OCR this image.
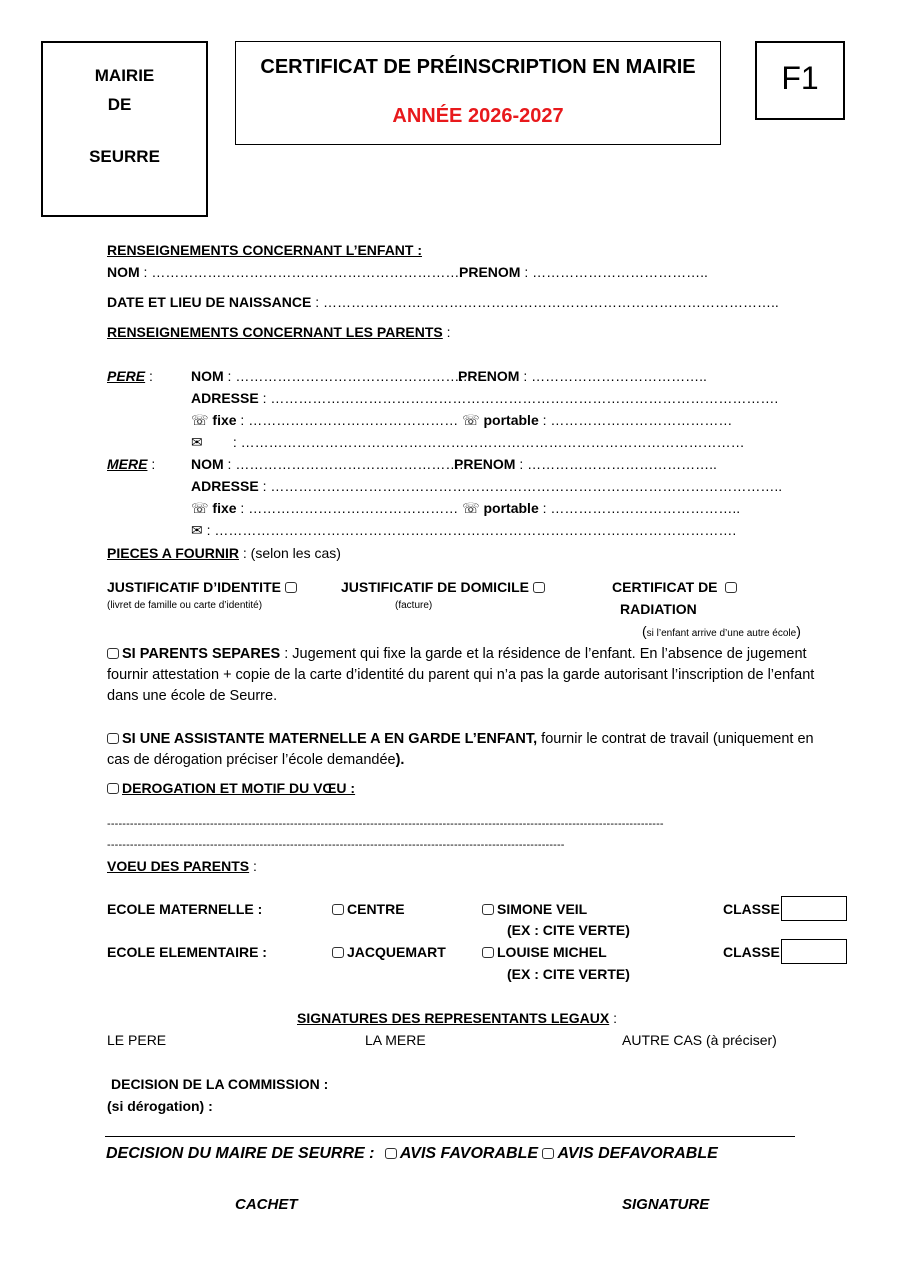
MAIRIE
DE
SEURRE
CERTIFICAT DE PRÉINSCRIPTION EN MAIRIE
ANNÉE 2026-2027
F1
RENSEIGNEMENTS CONCERNANT L’ENFANT :
NOM : ………………………………………………………….
PRENOM : ………………………………..
DATE ET LIEU DE NAISSANCE : ……………………………………………………………………………………..
RENSEIGNEMENTS CONCERNANT LES PARENTS :
PERE :	NOM : …………………………………………..
PRENOM : ………………………………..
ADRESSE : ……………………………………………………………………………………………….
☏ fixe : ……………………………………… ☏ portable : …………………………………
✉ : ………………………………………………………………………………………………
MERE :	NOM : …………………………………………..
PRENOM : …………………………………..
ADRESSE : ………………………………………………………………………………………………..
☏ fixe : ……………………………………… ☏ portable : …………………………………..
✉ : ………………………………………………………………………………………………….
PIECES A FOURNIR : (selon les cas)
JUSTIFICATIF D’IDENTITE
(livret de famille ou carte d’identité)
JUSTIFICATIF DE DOMICILE
(facture)
CERTIFICAT DE
RADIATION
(si l’enfant arrive d’une autre école)
SI PARENTS SEPARES : Jugement qui fixe la garde et la résidence de l’enfant. En l’absence de jugement fournir attestation + copie de la carte d’identité du parent qui n’a pas la garde autorisant l’inscription de l’enfant dans une école de Seurre.
SI UNE ASSISTANTE MATERNELLE A EN GARDE L’ENFANT, fournir le contrat de travail (uniquement en cas de dérogation préciser l’école demandée).
DEROGATION ET MOTIF DU VŒU :
--------------------------------------------------------------------------------------------------------------------------------------------------
------------------------------------------------------------------------------------------------------------------------
VOEU DES PARENTS :
ECOLE MATERNELLE :	CENTRE	SIMONE VEIL
(EX : CITE VERTE)
CLASSE
ECOLE ELEMENTAIRE :	JACQUEMART	LOUISE MICHEL
(EX : CITE VERTE)
CLASSE
SIGNATURES DES REPRESENTANTS LEGAUX :
LE PERE	LA MERE	AUTRE CAS (à préciser)
DECISION DE LA COMMISSION :
(si dérogation) :
DECISION DU MAIRE DE SEURRE : AVIS FAVORABLE AVIS DEFAVORABLE
CACHET	SIGNATURE
